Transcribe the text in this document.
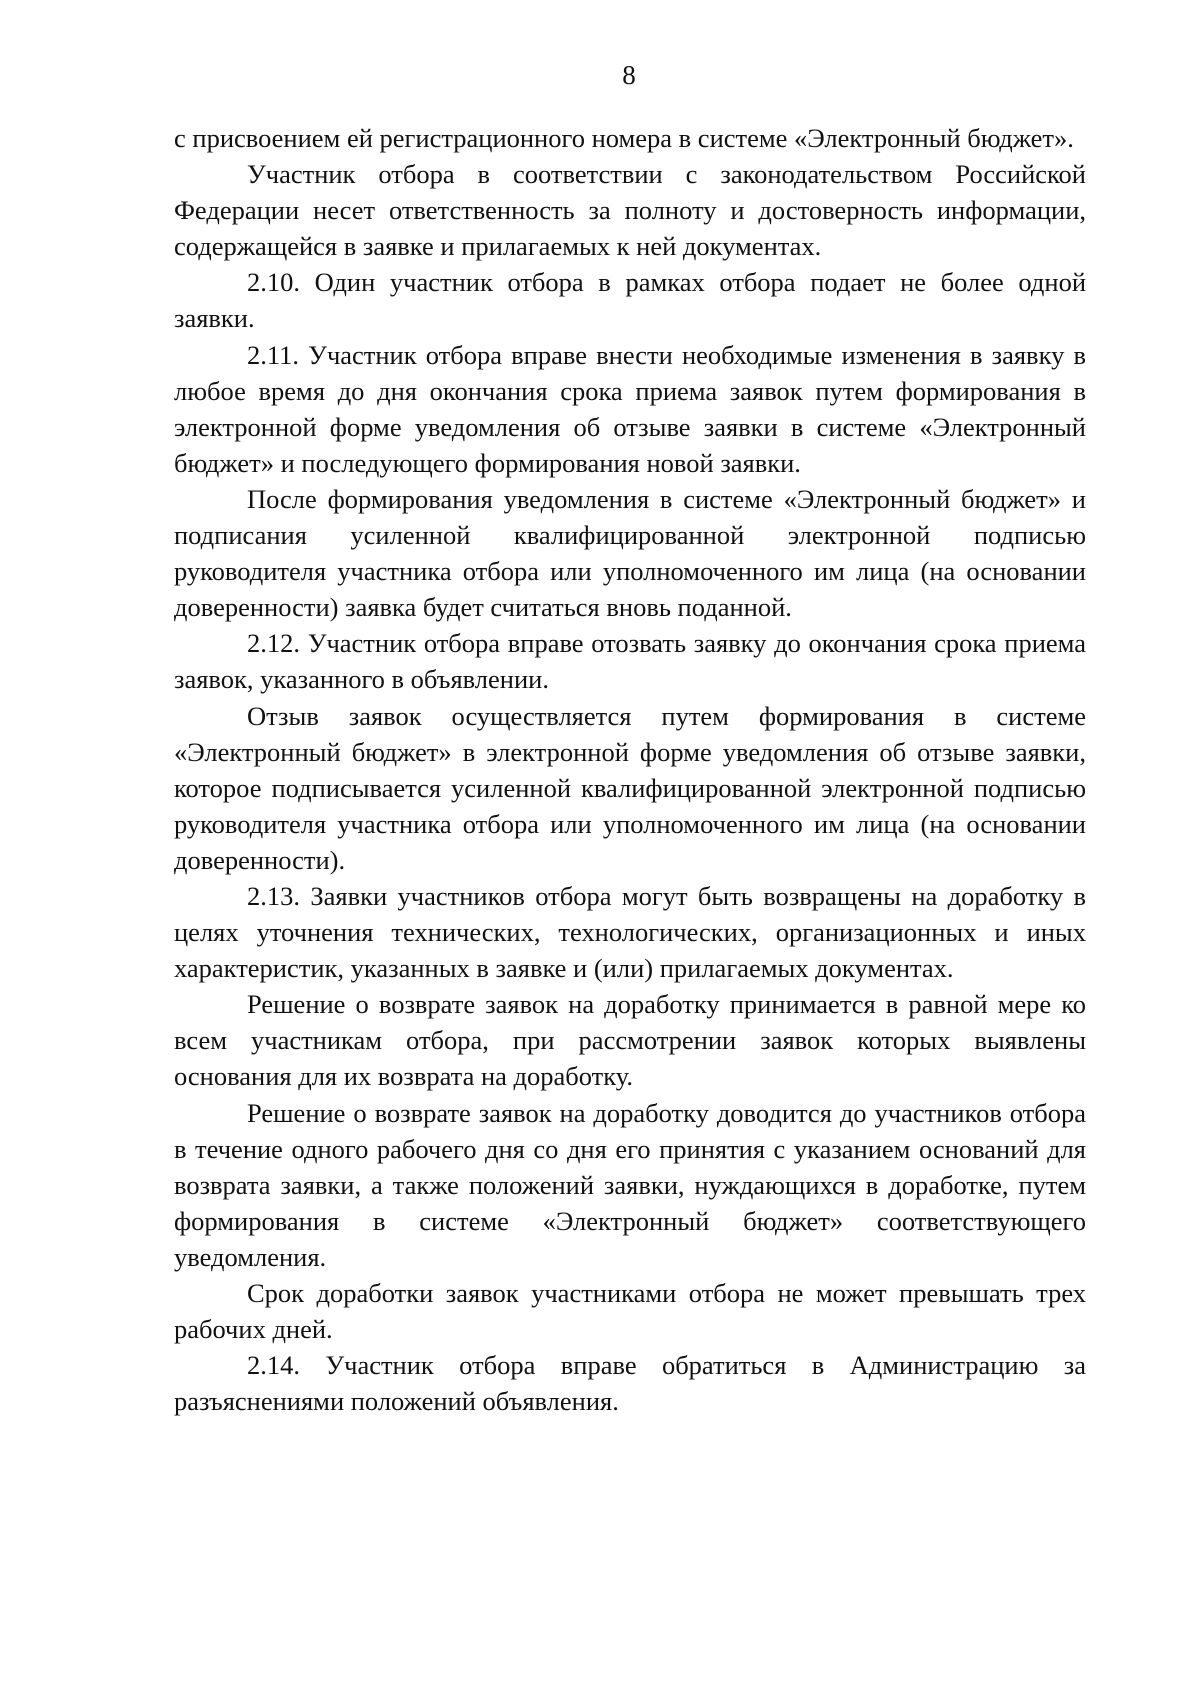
8

с присвоением ей регистрационного номера в системе «Электронный бюджет».

Участник отбора в соответствии с законодательством Российской Федерации несет ответственность за полноту и достоверность информации, содержащейся в заявке и прилагаемых к ней документах.

2.10. Один участник отбора в рамках отбора подает не более одной заявки.

2.11. Участник отбора вправе внести необходимые изменения в заявку в любое время до дня окончания срока приема заявок путем формирования в электронной форме уведомления об отзыве заявки в системе «Электронный бюджет» и последующего формирования новой заявки.

После формирования уведомления в системе «Электронный бюджет» и подписания усиленной квалифицированной электронной подписью руководителя участника отбора или уполномоченного им лица (на основании доверенности) заявка будет считаться вновь поданной.

2.12. Участник отбора вправе отозвать заявку до окончания срока приема заявок, указанного в объявлении.

Отзыв заявок осуществляется путем формирования в системе «Электронный бюджет» в электронной форме уведомления об отзыве заявки, которое подписывается усиленной квалифицированной электронной подписью руководителя участника отбора или уполномоченного им лица (на основании доверенности).

2.13. Заявки участников отбора могут быть возвращены на доработку в целях уточнения технических, технологических, организационных и иных характеристик, указанных в заявке и (или) прилагаемых документах.

Решение о возврате заявок на доработку принимается в равной мере ко всем участникам отбора, при рассмотрении заявок которых выявлены основания для их возврата на доработку.

Решение о возврате заявок на доработку доводится до участников отбора в течение одного рабочего дня со дня его принятия с указанием оснований для возврата заявки, а также положений заявки, нуждающихся в доработке, путем формирования в системе «Электронный бюджет» соответствующего уведомления.

Срок доработки заявок участниками отбора не может превышать трех рабочих дней.

2.14. Участник отбора вправе обратиться в Администрацию за разъяснениями положений объявления.
